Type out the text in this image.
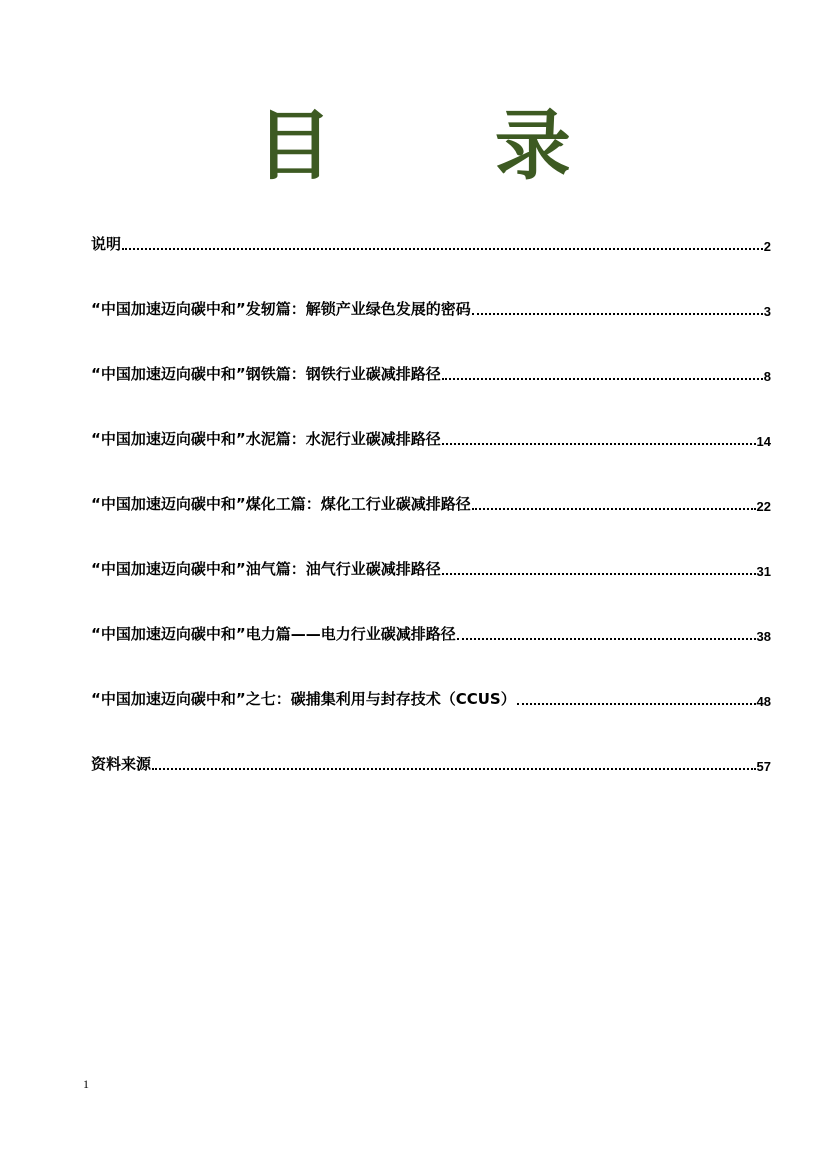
目 录
说明	2
“中国加速迈向碳中和”发轫篇：解锁产业绿色发展的密码	3
“中国加速迈向碳中和”钢铁篇：钢铁行业碳减排路径	8
“中国加速迈向碳中和”水泥篇：水泥行业碳减排路径	14
“中国加速迈向碳中和”煤化工篇：煤化工行业碳减排路径	22
“中国加速迈向碳中和”油气篇：油气行业碳减排路径	31
“中国加速迈向碳中和”电力篇——电力行业碳减排路径	38
“中国加速迈向碳中和”之七：碳捕集利用与封存技术（CCUS）	48
资料来源	57
1
